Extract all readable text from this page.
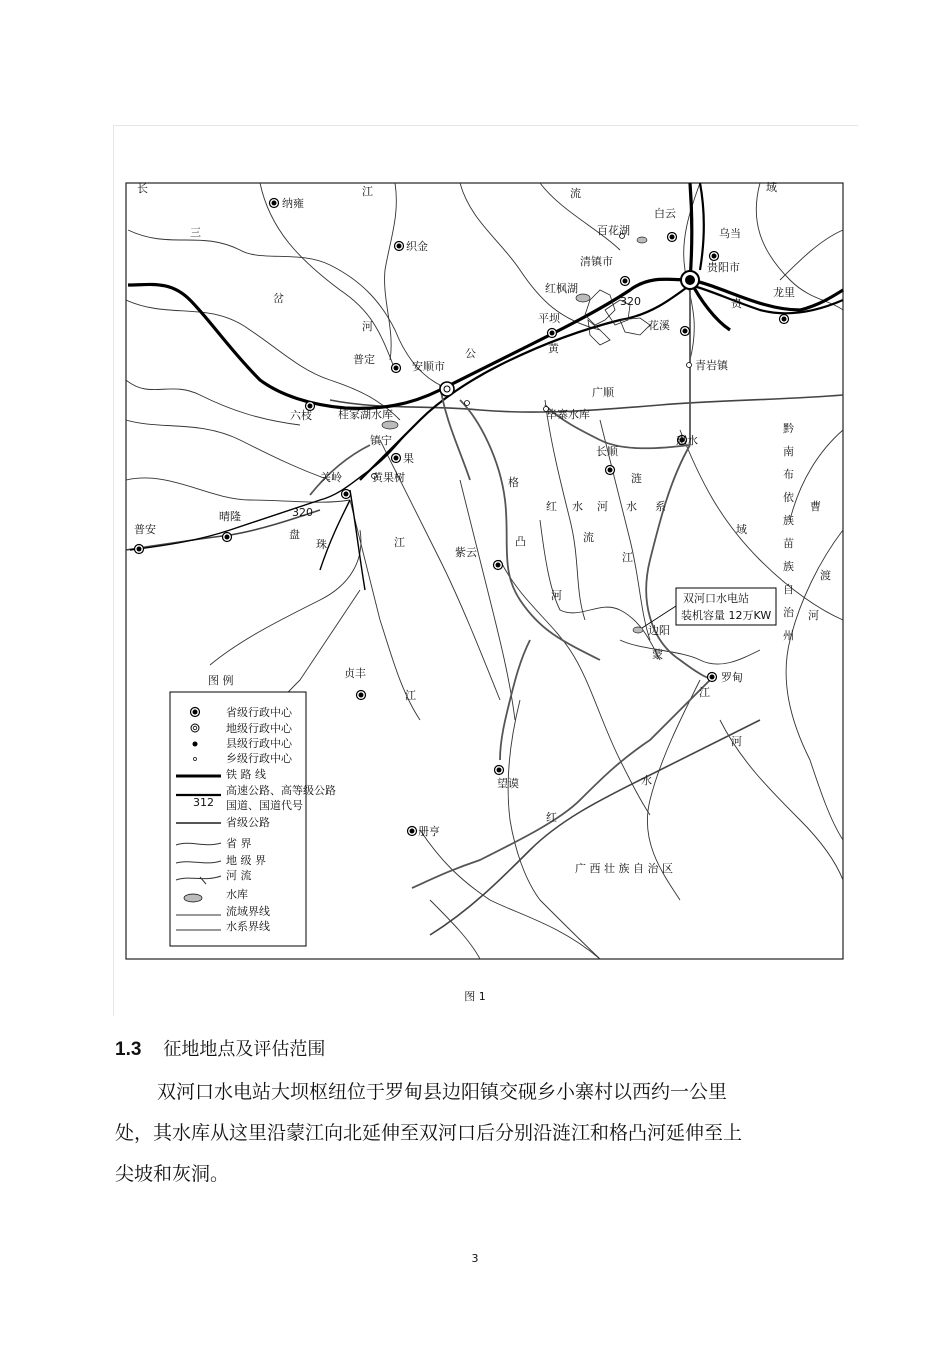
双河口水电站
装机容量 12万KW
320
320
长	江	流	域
三
岔
河
公	黄
贵
格
凸
河
红 水 河 水 系
涟
江
流
域
盘
珠	江
江
曹
渡
河
蒙
江
河
水
红
黔
南
布
依
族
苗
族
自
治
州
纳雍
织金
百花湖
白云
乌当
贵阳市
清镇市
红枫湖
平坝
花溪
龙里
普定
安顺市	青岩镇
六枝 桂家湖水库
镇宁
毕寨水库
广顺
惠水
长顺
果
关岭	黄果树
普安
晴隆
紫云
边阳
罗甸
贞丰
望谟
册亨
广 西 壮 族 自 治 区
图 例
省级行政中心
地级行政中心
县级行政中心
乡级行政中心
铁 路 线
高速公路、高等级公路
312 国道、国道代号
省级公路
省 界
地 级 界
河 流
水库
流域界线
水系界线
图 1
1.3 征地地点及评估范围

双河口水电站大坝枢纽位于罗甸县边阳镇交砚乡小寨村以西约一公里
处，其水库从这里沿蒙江向北延伸至双河口后分别沿涟江和格凸河延伸至上
尖坡和灰洞。

3
